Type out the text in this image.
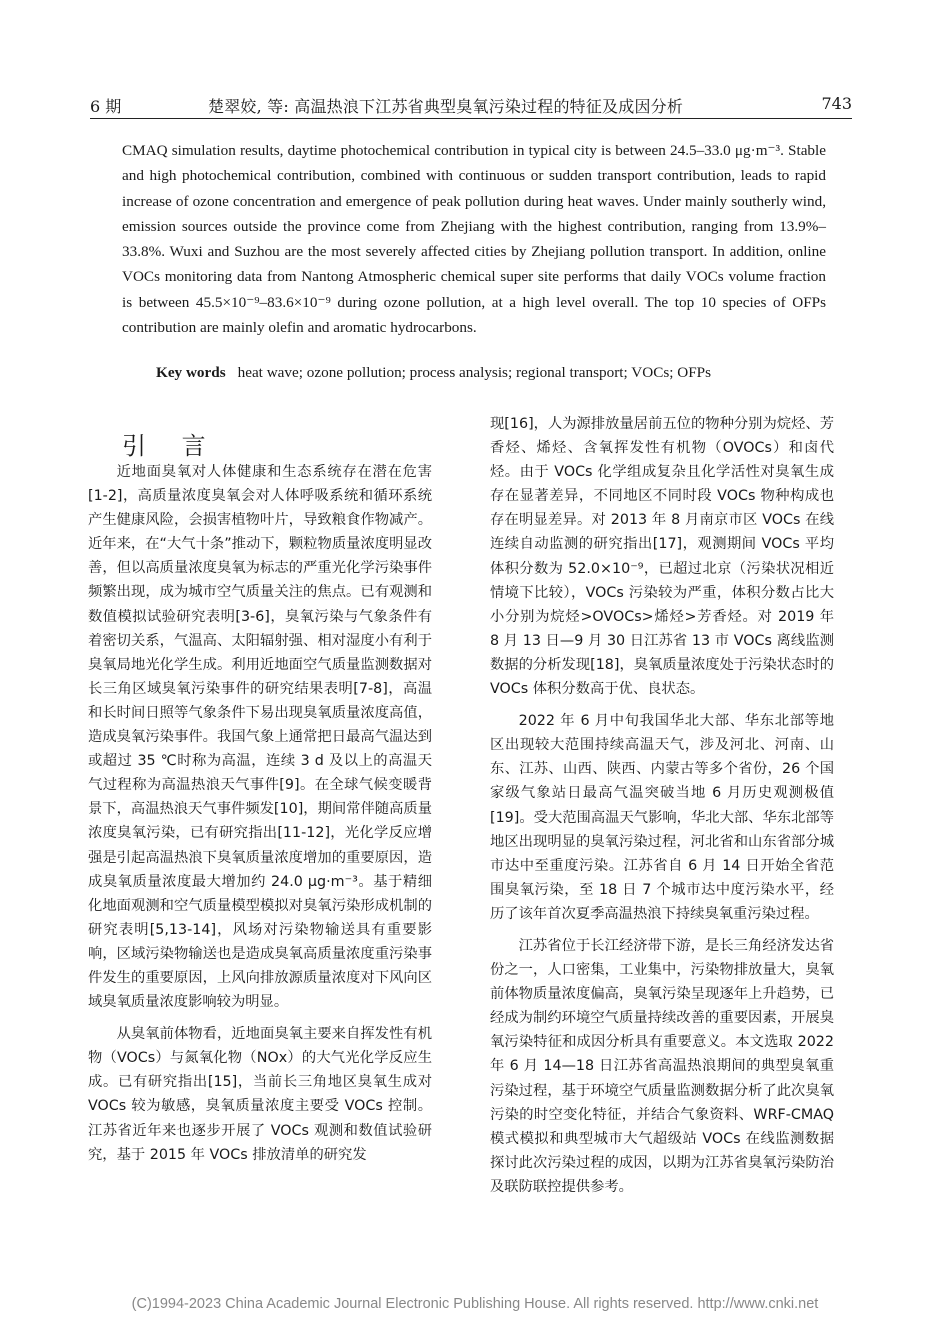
6 期	楚翠姣, 等: 高温热浪下江苏省典型臭氧污染过程的特征及成因分析	743

CMAQ simulation results, daytime photochemical contribution in typical city is between 24.5–33.0 μg·m⁻³. Stable and high photochemical contribution, combined with continuous or sudden transport contribution, leads to rapid increase of ozone concentration and emergence of peak pollution during heat waves. Under mainly southerly wind, emission sources outside the province come from Zhejiang with the highest contribution, ranging from 13.9%–33.8%. Wuxi and Suzhou are the most severely affected cities by Zhejiang pollution transport. In addition, online VOCs monitoring data from Nantong Atmospheric chemical super site performs that daily VOCs volume fraction is between 45.5×10⁻⁹–83.6×10⁻⁹ during ozone pollution, at a high level overall. The top 10 species of OFPs contribution are mainly olefin and aromatic hydrocarbons.

Key words heat wave; ozone pollution; process analysis; regional transport; VOCs; OFPs
引 言

近地面臭氧对人体健康和生态系统存在潜在危害[1-2]，高质量浓度臭氧会对人体呼吸系统和循环系统产生健康风险，会损害植物叶片，导致粮食作物减产。近年来，在“大气十条”推动下，颗粒物质量浓度明显改善，但以高质量浓度臭氧为标志的严重光化学污染事件频繁出现，成为城市空气质量关注的焦点。已有观测和数值模拟试验研究表明[3-6]，臭氧污染与气象条件有着密切关系，气温高、太阳辐射强、相对湿度小有利于臭氧局地光化学生成。利用近地面空气质量监测数据对长三角区域臭氧污染事件的研究结果表明[7-8]，高温和长时间日照等气象条件下易出现臭氧质量浓度高值，造成臭氧污染事件。我国气象上通常把日最高气温达到或超过 35 ℃时称为高温，连续 3 d 及以上的高温天气过程称为高温热浪天气事件[9]。在全球气候变暖背景下，高温热浪天气事件频发[10]，期间常伴随高质量浓度臭氧污染，已有研究指出[11-12]，光化学反应增强是引起高温热浪下臭氧质量浓度增加的重要原因，造成臭氧质量浓度最大增加约 24.0 μg·m⁻³。基于精细化地面观测和空气质量模型模拟对臭氧污染形成机制的研究表明[5,13-14]，风场对污染物输送具有重要影响，区域污染物输送也是造成臭氧高质量浓度重污染事件发生的重要原因，上风向排放源质量浓度对下风向区域臭氧质量浓度影响较为明显。

从臭氧前体物看，近地面臭氧主要来自挥发性有机物（VOCs）与氮氧化物（NOx）的大气光化学反应生成。已有研究指出[15]，当前长三角地区臭氧生成对 VOCs 较为敏感，臭氧质量浓度主要受 VOCs 控制。江苏省近年来也逐步开展了 VOCs 观测和数值试验研究，基于 2015 年 VOCs 排放清单的研究发

现[16]，人为源排放量居前五位的物种分别为烷烃、芳香烃、烯烃、含氧挥发性有机物（OVOCs）和卤代烃。由于 VOCs 化学组成复杂且化学活性对臭氧生成存在显著差异，不同地区不同时段 VOCs 物种构成也存在明显差异。对 2013 年 8 月南京市区 VOCs 在线连续自动监测的研究指出[17]，观测期间 VOCs 平均体积分数为 52.0×10⁻⁹，已超过北京（污染状况相近情境下比较），VOCs 污染较为严重，体积分数占比大小分别为烷烃>OVOCs>烯烃>芳香烃。对 2019 年 8 月 13 日—9 月 30 日江苏省 13 市 VOCs 离线监测数据的分析发现[18]，臭氧质量浓度处于污染状态时的 VOCs 体积分数高于优、良状态。

2022 年 6 月中旬我国华北大部、华东北部等地区出现较大范围持续高温天气，涉及河北、河南、山东、江苏、山西、陕西、内蒙古等多个省份，26 个国家级气象站日最高气温突破当地 6 月历史观测极值[19]。受大范围高温天气影响，华北大部、华东北部等地区出现明显的臭氧污染过程，河北省和山东省部分城市达中至重度污染。江苏省自 6 月 14 日开始全省范围臭氧污染，至 18 日 7 个城市达中度污染水平，经历了该年首次夏季高温热浪下持续臭氧重污染过程。

江苏省位于长江经济带下游，是长三角经济发达省份之一，人口密集，工业集中，污染物排放量大，臭氧前体物质量浓度偏高，臭氧污染呈现逐年上升趋势，已经成为制约环境空气质量持续改善的重要因素，开展臭氧污染特征和成因分析具有重要意义。本文选取 2022 年 6 月 14—18 日江苏省高温热浪期间的典型臭氧重污染过程，基于环境空气质量监测数据分析了此次臭氧污染的时空变化特征，并结合气象资料、WRF-CMAQ 模式模拟和典型城市大气超级站 VOCs 在线监测数据探讨此次污染过程的成因，以期为江苏省臭氧污染防治及联防联控提供参考。

(C)1994-2023 China Academic Journal Electronic Publishing House. All rights reserved. http://www.cnki.net
